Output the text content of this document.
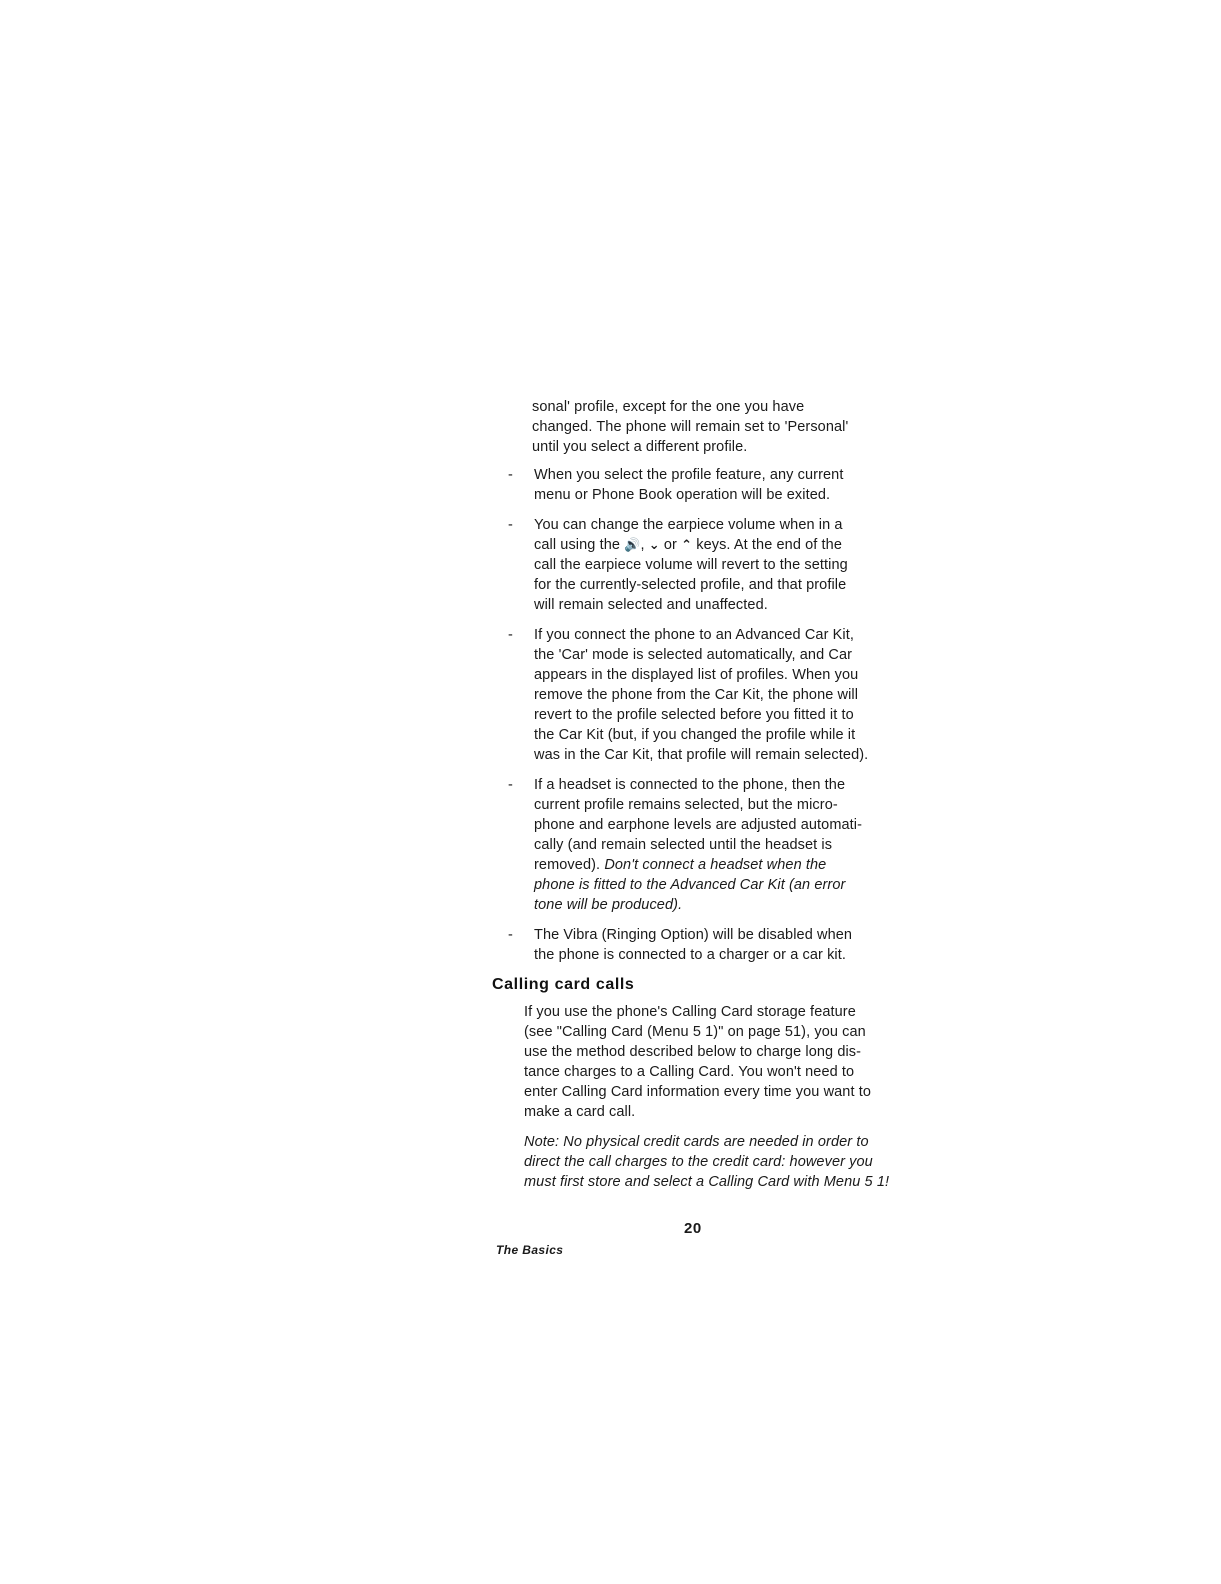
sonal' profile, except for the one you have
changed. The phone will remain set to 'Personal'
until you select a different profile.
- When you select the profile feature, any current
menu or Phone Book operation will be exited.
- You can change the earpiece volume when in a
call using the 🔊, ⌄ or ⌃ keys. At the end of the
call the earpiece volume will revert to the setting
for the currently-selected profile, and that profile
will remain selected and unaffected.
- If you connect the phone to an Advanced Car Kit,
the 'Car' mode is selected automatically, and Car
appears in the displayed list of profiles. When you
remove the phone from the Car Kit, the phone will
revert to the profile selected before you fitted it to
the Car Kit (but, if you changed the profile while it
was in the Car Kit, that profile will remain selected).
- If a headset is connected to the phone, then the
current profile remains selected, but the micro-
phone and earphone levels are adjusted automati-
cally (and remain selected until the headset is
removed). Don't connect a headset when the
phone is fitted to the Advanced Car Kit (an error
tone will be produced).
- The Vibra (Ringing Option) will be disabled when
the phone is connected to a charger or a car kit.
Calling card calls
If you use the phone's Calling Card storage feature
(see "Calling Card (Menu 5 1)" on page 51), you can
use the method described below to charge long dis-
tance charges to a Calling Card. You won't need to
enter Calling Card information every time you want to
make a card call.
Note: No physical credit cards are needed in order to
direct the call charges to the credit card: however you
must first store and select a Calling Card with Menu 5 1!
20
The Basics
